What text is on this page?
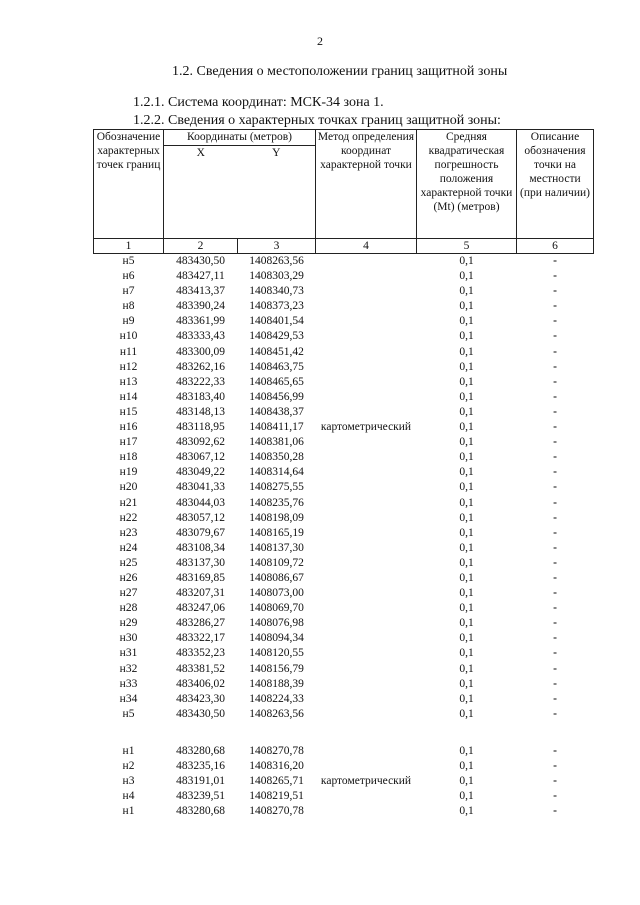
2
1.2. Сведения о местоположении границ защитной зоны
1.2.1. Система координат: МСК-34 зона 1.
1.2.2. Сведения о характерных точках границ защитной зоны:
Обозначение характерных точек границ	Координаты (метров)		Метод определения координат характерной точки	Средняя квадратическая погрешность положения характерной точки (Mt) (метров)	Описание обозначения точки на местности (при наличии)
	X	Y			
1	2	3	4	5	6
н5	483430,50	1408263,56		0,1	-
н6	483427,11	1408303,29		0,1	-
н7	483413,37	1408340,73		0,1	-
н8	483390,24	1408373,23		0,1	-
н9	483361,99	1408401,54		0,1	-
н10	483333,43	1408429,53		0,1	-
н11	483300,09	1408451,42		0,1	-
н12	483262,16	1408463,75		0,1	-
н13	483222,33	1408465,65		0,1	-
н14	483183,40	1408456,99		0,1	-
н15	483148,13	1408438,37		0,1	-
н16	483118,95	1408411,17	картометрический	0,1	-
н17	483092,62	1408381,06		0,1	-
н18	483067,12	1408350,28		0,1	-
н19	483049,22	1408314,64		0,1	-
н20	483041,33	1408275,55		0,1	-
н21	483044,03	1408235,76		0,1	-
н22	483057,12	1408198,09		0,1	-
н23	483079,67	1408165,19		0,1	-
н24	483108,34	1408137,30		0,1	-
н25	483137,30	1408109,72		0,1	-
н26	483169,85	1408086,67		0,1	-
н27	483207,31	1408073,00		0,1	-
н28	483247,06	1408069,70		0,1	-
н29	483286,27	1408076,98		0,1	-
н30	483322,17	1408094,34		0,1	-
н31	483352,23	1408120,55		0,1	-
н32	483381,52	1408156,79		0,1	-
н33	483406,02	1408188,39		0,1	-
н34	483423,30	1408224,33		0,1	-
н5	483430,50	1408263,56		0,1	-

н1	483280,68	1408270,78		0,1	-
н2	483235,16	1408316,20		0,1	-
н3	483191,01	1408265,71	картометрический	0,1	-
н4	483239,51	1408219,51		0,1	-
н1	483280,68	1408270,78		0,1	-
